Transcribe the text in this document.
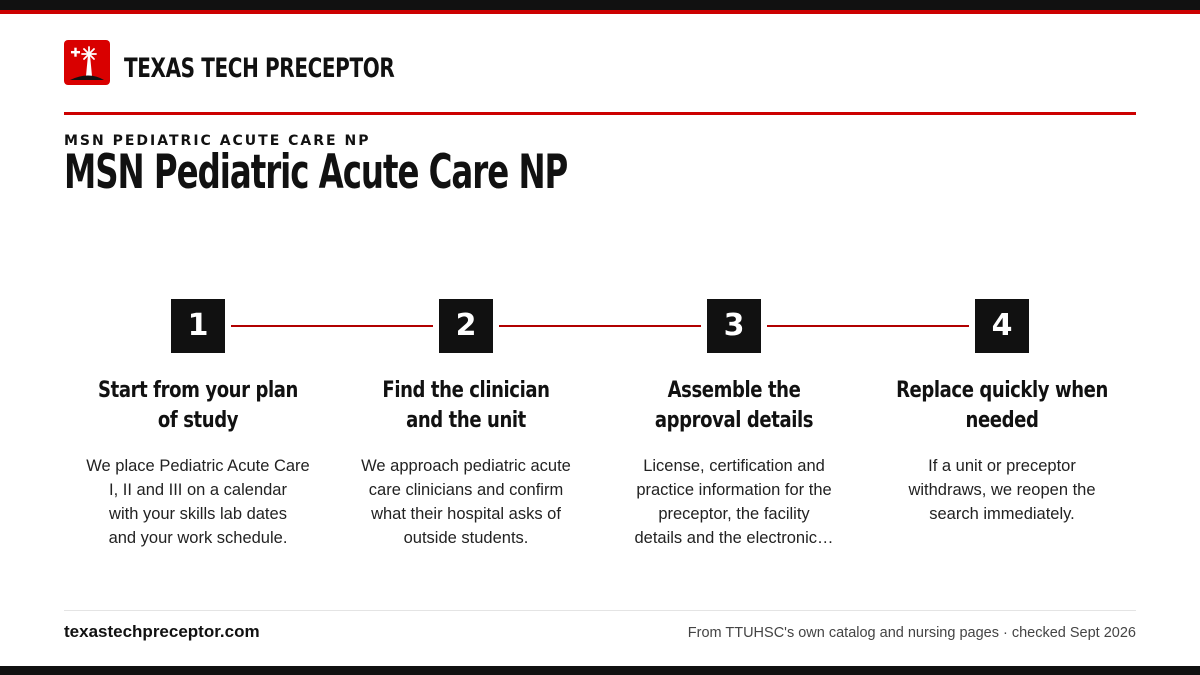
TEXAS TECH PRECEPTOR
MSN PEDIATRIC ACUTE CARE NP
MSN Pediatric Acute Care NP
1	2	3	4
Start from your plan
of study
Find the clinician
and the unit
Assemble the
approval details
Replace quickly when
needed
We place Pediatric Acute Care
I, II and III on a calendar
with your skills lab dates
and your work schedule.
We approach pediatric acute
care clinicians and confirm
what their hospital asks of
outside students.
License, certification and
practice information for the
preceptor, the facility
details and the electronic…
If a unit or preceptor
withdraws, we reopen the
search immediately.
texastechpreceptor.com	From TTUHSC's own catalog and nursing pages · checked Sept 2026
